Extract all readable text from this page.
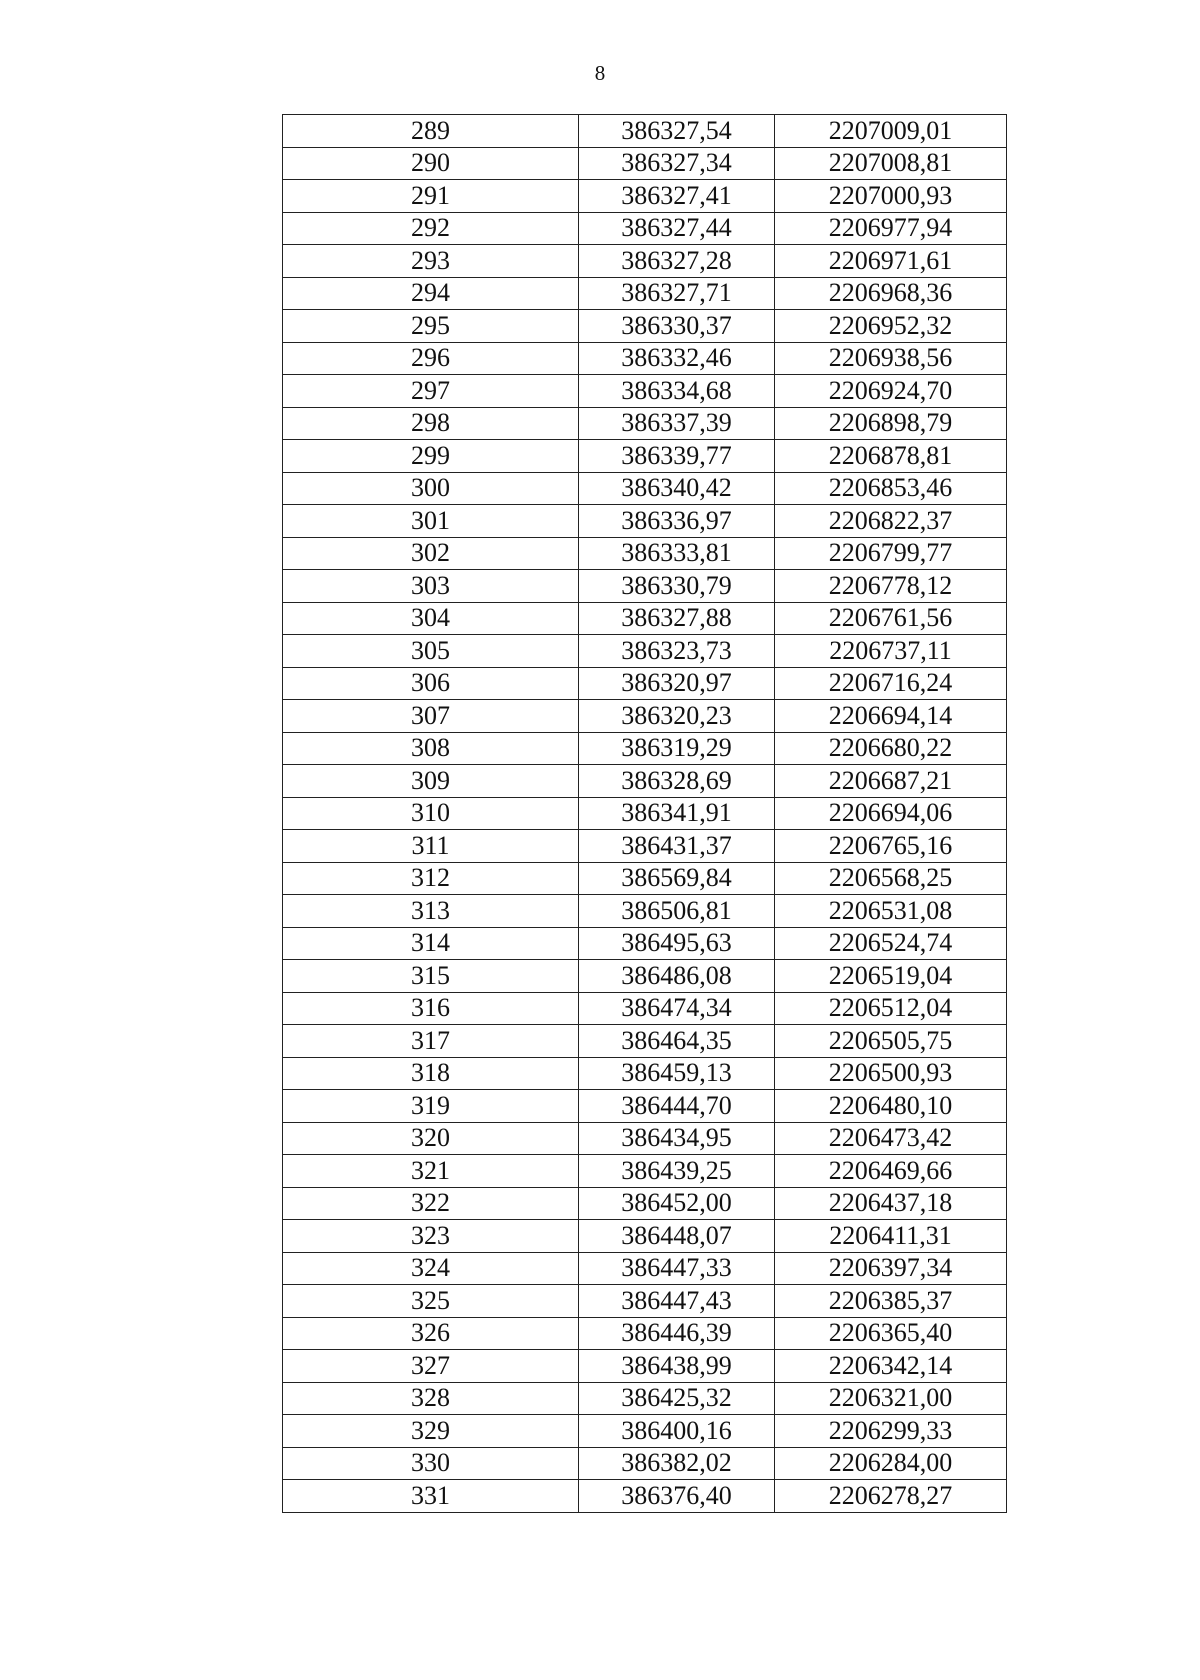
8
289	386327,54	2207009,01
290	386327,34	2207008,81
291	386327,41	2207000,93
292	386327,44	2206977,94
293	386327,28	2206971,61
294	386327,71	2206968,36
295	386330,37	2206952,32
296	386332,46	2206938,56
297	386334,68	2206924,70
298	386337,39	2206898,79
299	386339,77	2206878,81
300	386340,42	2206853,46
301	386336,97	2206822,37
302	386333,81	2206799,77
303	386330,79	2206778,12
304	386327,88	2206761,56
305	386323,73	2206737,11
306	386320,97	2206716,24
307	386320,23	2206694,14
308	386319,29	2206680,22
309	386328,69	2206687,21
310	386341,91	2206694,06
311	386431,37	2206765,16
312	386569,84	2206568,25
313	386506,81	2206531,08
314	386495,63	2206524,74
315	386486,08	2206519,04
316	386474,34	2206512,04
317	386464,35	2206505,75
318	386459,13	2206500,93
319	386444,70	2206480,10
320	386434,95	2206473,42
321	386439,25	2206469,66
322	386452,00	2206437,18
323	386448,07	2206411,31
324	386447,33	2206397,34
325	386447,43	2206385,37
326	386446,39	2206365,40
327	386438,99	2206342,14
328	386425,32	2206321,00
329	386400,16	2206299,33
330	386382,02	2206284,00
331	386376,40	2206278,27
